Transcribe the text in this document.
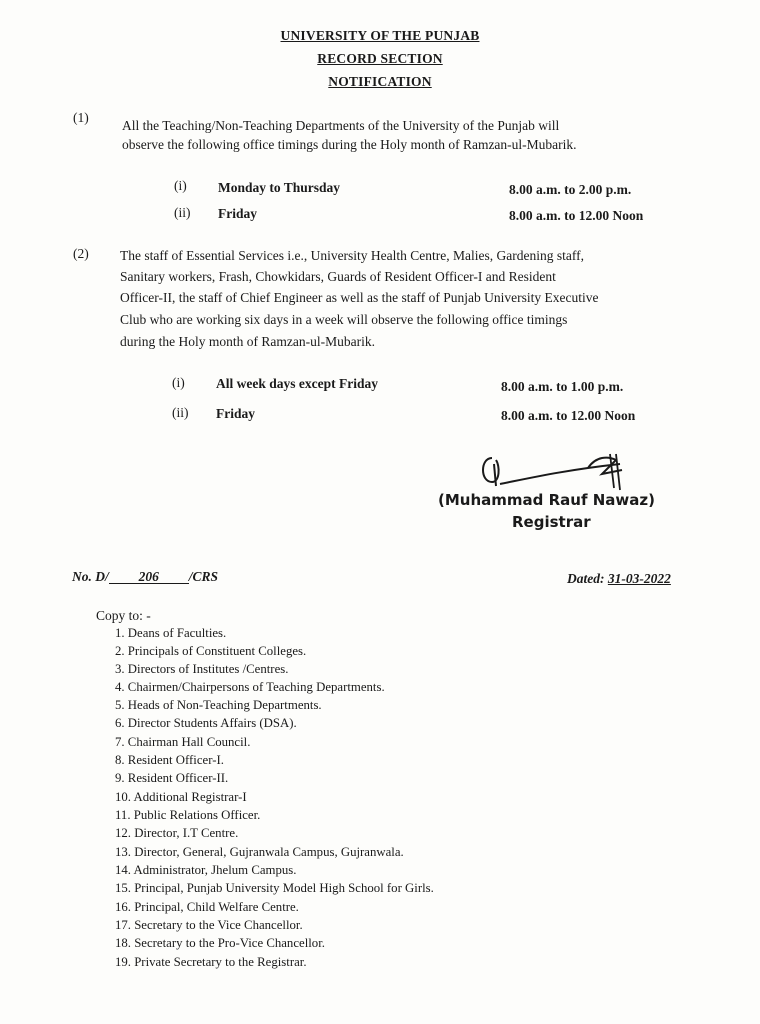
UNIVERSITY OF THE PUNJAB
RECORD SECTION
NOTIFICATION
(1)
All the Teaching/Non-Teaching Departments of the University of the Punjab will
observe the following office timings during the Holy month of Ramzan-ul-Mubarik.
(i) Monday to Thursday	8.00 a.m. to 2.00 p.m.
(ii) Friday	8.00 a.m. to 12.00 Noon
(2) The staff of Essential Services i.e., University Health Centre, Malies, Gardening staff,
Sanitary workers, Frash, Chowkidars, Guards of Resident Officer-I and Resident
Officer-II, the staff of Chief Engineer as well as the staff of Punjab University Executive
Club who are working six days in a week will observe the following office timings
during the Holy month of Ramzan-ul-Mubarik.
(i) All week days except Friday	8.00 a.m. to 1.00 p.m.
(ii) Friday	8.00 a.m. to 12.00 Noon
(Muhammad Rauf Nawaz)
Registrar
No. D/ 206 /CRS	Dated: 31-03-2022
Copy to: -
1. Deans of Faculties.
2. Principals of Constituent Colleges.
3. Directors of Institutes /Centres.
4. Chairmen/Chairpersons of Teaching Departments.
5. Heads of Non-Teaching Departments.
6. Director Students Affairs (DSA).
7. Chairman Hall Council.
8. Resident Officer-I.
9. Resident Officer-II.
10. Additional Registrar-I
11. Public Relations Officer.
12. Director, I.T Centre.
13. Director, General, Gujranwala Campus, Gujranwala.
14. Administrator, Jhelum Campus.
15. Principal, Punjab University Model High School for Girls.
16. Principal, Child Welfare Centre.
17. Secretary to the Vice Chancellor.
18. Secretary to the Pro-Vice Chancellor.
19. Private Secretary to the Registrar.
